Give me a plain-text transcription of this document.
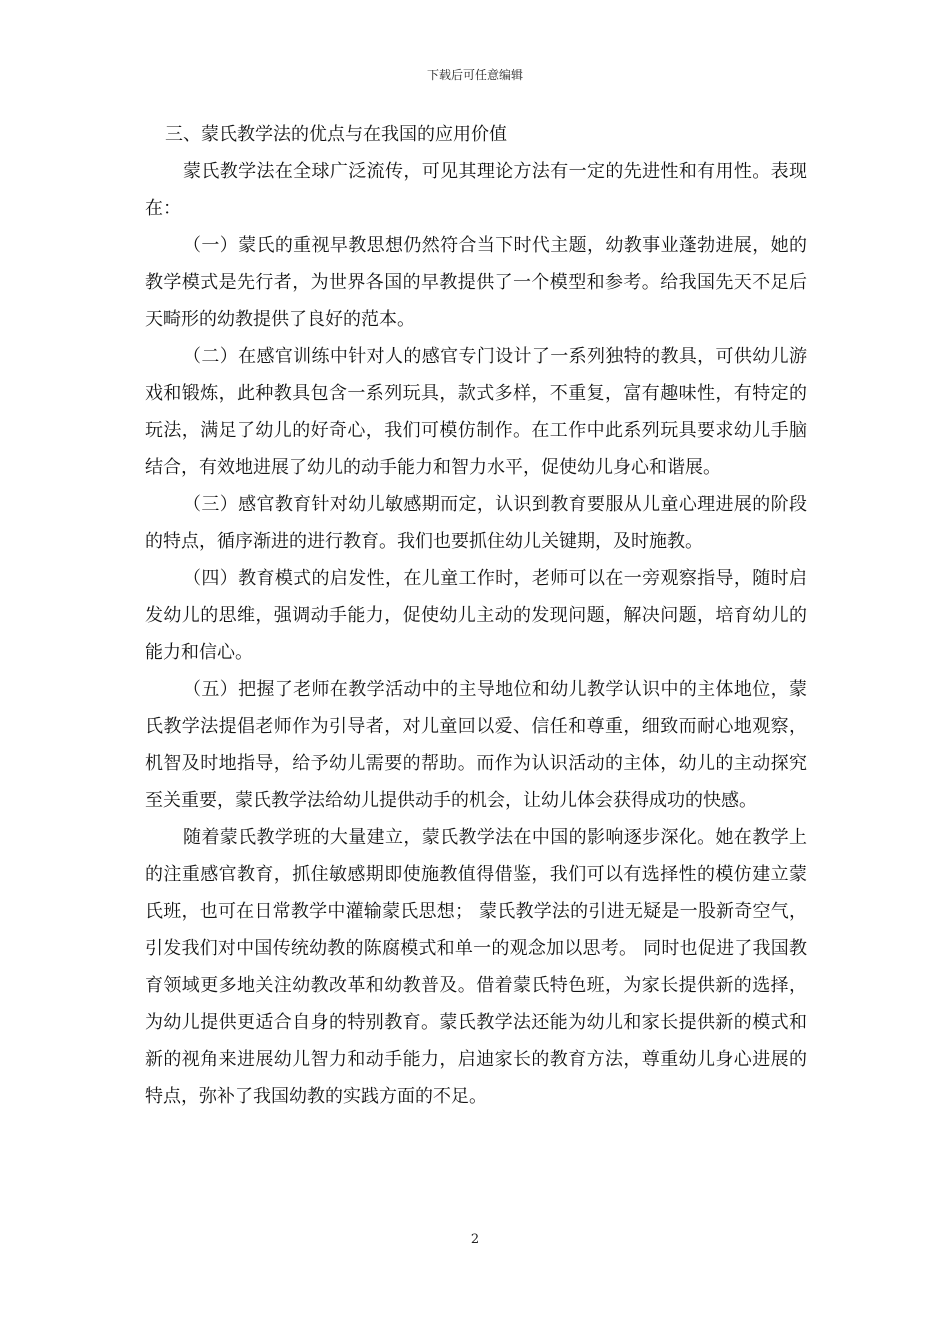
下载后可任意编辑

三、蒙氏教学法的优点与在我国的应用价值

蒙氏教学法在全球广泛流传，可见其理论方法有一定的先进性和有用性。表现在：

（一）蒙氏的重视早教思想仍然符合当下时代主题，幼教事业蓬勃进展，她的教学模式是先行者，为世界各国的早教提供了一个模型和参考。给我国先天不足后天畸形的幼教提供了良好的范本。

（二）在感官训练中针对人的感官专门设计了一系列独特的教具，可供幼儿游戏和锻炼，此种教具包含一系列玩具，款式多样，不重复，富有趣味性，有特定的玩法，满足了幼儿的好奇心，我们可模仿制作。在工作中此系列玩具要求幼儿手脑结合，有效地进展了幼儿的动手能力和智力水平，促使幼儿身心和谐展。

（三）感官教育针对幼儿敏感期而定，认识到教育要服从儿童心理进展的阶段的特点，循序渐进的进行教育。我们也要抓住幼儿关键期，及时施教。

（四）教育模式的启发性，在儿童工作时，老师可以在一旁观察指导，随时启发幼儿的思维，强调动手能力，促使幼儿主动的发现问题，解决问题，培育幼儿的能力和信心。

（五）把握了老师在教学活动中的主导地位和幼儿教学认识中的主体地位，蒙氏教学法提倡老师作为引导者，对儿童回以爱、信任和尊重，细致而耐心地观察，机智及时地指导，给予幼儿需要的帮助。而作为认识活动的主体，幼儿的主动探究至关重要，蒙氏教学法给幼儿提供动手的机会，让幼儿体会获得成功的快感。

随着蒙氏教学班的大量建立，蒙氏教学法在中国的影响逐步深化。她在教学上的注重感官教育，抓住敏感期即使施教值得借鉴，我们可以有选择性的模仿建立蒙氏班，也可在日常教学中灌输蒙氏思想； 蒙氏教学法的引进无疑是一股新奇空气，引发我们对中国传统幼教的陈腐模式和单一的观念加以思考。 同时也促进了我国教育领域更多地关注幼教改革和幼教普及。借着蒙氏特色班，为家长提供新的选择，为幼儿提供更适合自身的特别教育。蒙氏教学法还能为幼儿和家长提供新的模式和新的视角来进展幼儿智力和动手能力，启迪家长的教育方法，尊重幼儿身心进展的特点，弥补了我国幼教的实践方面的不足。

2
